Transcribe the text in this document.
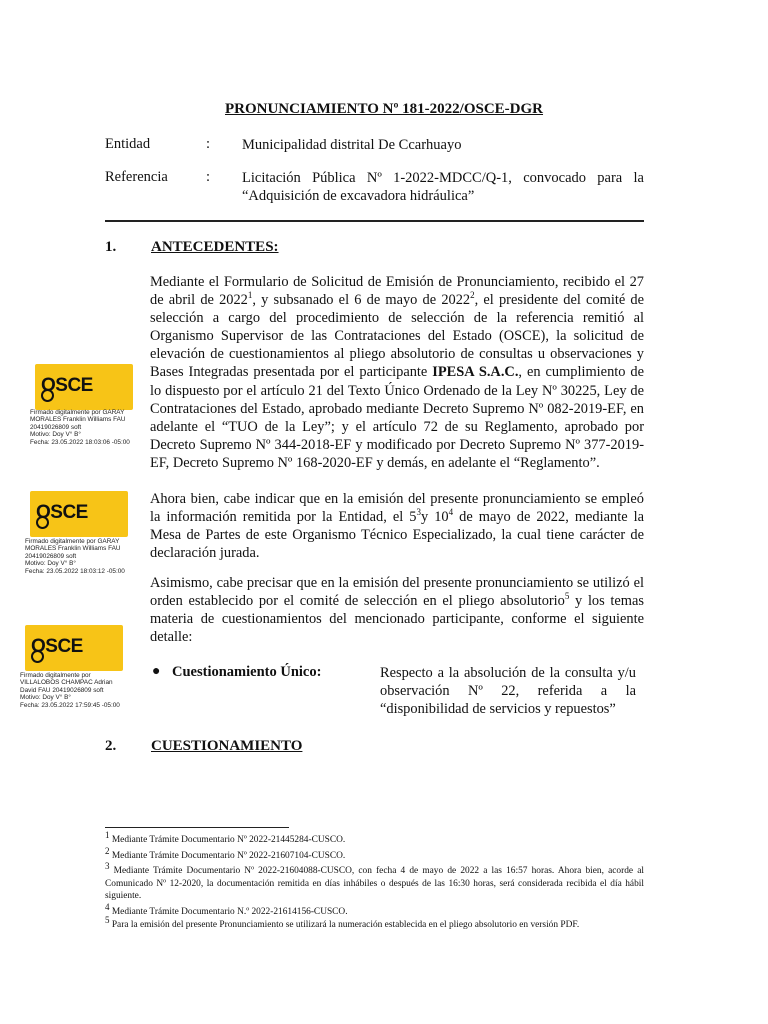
PRONUNCIAMIENTO Nº 181-2022/OSCE-DGR
Entidad	: Municipalidad distrital De Ccarhuayo
Referencia	: Licitación Pública Nº 1-2022-MDCC/Q-1, convocado para la “Adquisición de excavadora hidráulica”
1. ANTECEDENTES:
Mediante el Formulario de Solicitud de Emisión de Pronunciamiento, recibido el 27 de abril de 2022$^1$, y subsanado el 6 de mayo de 2022$^2$, el presidente del comité de selección a cargo del procedimiento de selección de la referencia remitió al Organismo Supervisor de las Contrataciones del Estado (OSCE), la solicitud de elevación de cuestionamientos al pliego absolutorio de consultas u observaciones y Bases Integradas presentada por el participante IPESA S.A.C., en cumplimiento de lo dispuesto por el artículo 21 del Texto Único Ordenado de la Ley Nº 30225, Ley de Contrataciones del Estado, aprobado mediante Decreto Supremo Nº 082-2019-EF, en adelante el “TUO de la Ley”; y el artículo 72 de su Reglamento, aprobado por Decreto Supremo Nº 344-2018-EF y modificado por Decreto Supremo Nº 377-2019-EF, Decreto Supremo Nº 168-2020-EF y demás, en adelante el “Reglamento”.
Ahora bien, cabe indicar que en la emisión del presente pronunciamiento se empleó la información remitida por la Entidad, el $5^3y$ $10^4$ de mayo de 2022, mediante la Mesa de Partes de este Organismo Técnico Especializado, la cual tiene carácter de declaración jurada.
Asimismo, cabe precisar que en la emisión del presente pronunciamiento se utilizó el orden establecido por el comité de selección en el pliego absolutorio$^5$ y los temas materia de cuestionamientos del mencionado participante, conforme el siguiente detalle:
● Cuestionamiento Único:	Respecto a la absolución de la consulta y/u observación Nº 22, referida a la “disponibilidad de servicios y repuestos”
2. CUESTIONAMIENTO
$^1$ Mediante Trámite Documentario Nº 2022-21445284-CUSCO.
$^2$ Mediante Trámite Documentario Nº 2022-21607104-CUSCO.
$^3$ Mediante Trámite Documentario Nº 2022-21604088-CUSCO, con fecha 4 de mayo de 2022 a las 16:57 horas. Ahora bien, acorde al Comunicado Nº 12-2020, la documentación remitida en días inhábiles o después de las 16:30 horas, será considerada recibida el día hábil siguiente.
$^4$ Mediante Trámite Documentario N.º 2022-21614156-CUSCO.
$^5$ Para la emisión del presente Pronunciamiento se utilizará la numeración establecida en el pliego absolutorio en versión PDF.
OSCE
Firmado digitalmente por GARAY
MORALES Franklin Williams FAU
20419026809 soft
Motivo: Doy V° B°
Fecha: 23.05.2022 18:03:06 -05:00
OSCE
Firmado digitalmente por GARAY
MORALES Franklin Williams FAU
20419026809 soft
Motivo: Doy V° B°
Fecha: 23.05.2022 18:03:12 -05:00
OSCE
Firmado digitalmente por
VILLALOBOS CHAMPAC Adrian
David FAU 20419026809 soft
Motivo: Doy V° B°
Fecha: 23.05.2022 17:59:45 -05:00
